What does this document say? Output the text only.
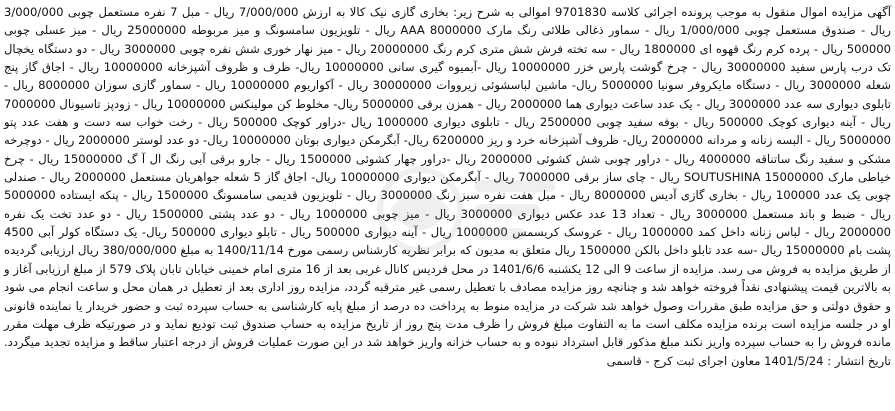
آگهی مزایده اموال منقول به موجب پرونده اجرائی کلاسه 9701830 اموالی به شرح زیر: بخاری گازی نیک کالا به ارزش 7/000/000 ریال - مبل 7 نفره مستعمل چوبی 3/000/000 ریال - صندوق مستعمل چوبی 1/000/000 ریال - سماور ذغالی طلائی رنگ مارک AAA 8000000 ریال - تلویزیون سامسونگ و میز مربوطه 25000000 ریال - میز عسلی چوبی 500000 ریال - پرده کرم رنگ قهوه ای 1800000 ریال - سه تخته فرش شش متری کرم رنگ 20000000 ریال - میز نهار خوری شش نفره چوبی 3000000 ریال - دو دستگاه یخچال تک درب پارس سفید 30000000 ریال - چرخ گوشت پارس خزر 10000000 ریال -آبمیوه گیری سانی 10000000 ریال- ظرف و ظروف آشپزخانه 10000000 ریال - اجاق گاز پنج شعله 3000000 ریال - دستگاه مایکروفر سونیا 5000000 ریال- ماشین لباسشوئی زیرووات 30000000 ریال - آکواریوم 10000000 ریال - سماور گازی سوزان 8000000 ریال - تابلوی دیواری سه عدد 3000000 ریال - یک عدد ساعت دیواری هما 2000000 ریال - همزن برقی 5000000 ریال- مخلوط کن مولینکس 10000000 ریال - زودپز تاسیونال 7000000 ریال - آینه دیواری کوچک 500000 ریال - بوفه سفید چوبی 2500000 ریال - تابلوی دیواری 1000000 ریال -دراور کوچک 500000 ریال - رخت خواب سه دست و هفت عدد پتو 5000000 ریال - البسه زنانه و مردانه 2000000 ریال- ظروف آشپزخانه خرد و ریز 6200000 ریال- آبگرمکن دیواری بوتان 10000000 ریال- دو عدد لوستر 2000000 ریال - دوچرخه مشکی و سفید رنگ ساتناقه 4000000 ریال - دراور چوبی شش کشوئی 2000000 ریال -دراور چهار کشوئی 1500000 ریال - جارو برقی آبی رنگ ال آ گ 15000000 ریال - چرخ خیاطی مارک SOUTUSHINA 15000000 ریال - چای ساز برقی 7000000 ریال - آبگرمکن دیواری 10000000 ریال- اجاق گاز 5 شعله جواهریان مستعمل 2000000 ریال - صندلی چوبی یک عدد 100000 ریال - بخاری گازی آدیس 8000000 ریال - مبل هفت نفره سبز رنگ 3000000 ریال - تلویزیون قدیمی سامسونگ 1500000 ریال - پنکه ایستاده 5000000 ریال - ضبط و باند مستعمل 3000000 ریال - تعداد 13 عدد عکس دیواری 3000000 ریال - میز چوبی 1000000 ریال - دو عدد پشتی 1500000 ریال - دو عدد تخت یک نفره 2000000 ریال - لباس زنانه داخل کمد 1000000 ریال - عروسک کریسمس 1000000 ریال - آینه دیواری 500000 ریال - تابلو دیواری 500000 ریال- یک دستگاه کولر آبی 4500 پشت بام 15000000 ریال -سه عدد تابلو داخل بالکن 1500000 ریال متعلق به مدیون که برابر نظریه کارشناس رسمی مورخ 1400/11/14 به مبلغ 380/000/000 ریال ارزیابی گردیده از طریق مزایده به فروش می رسد. مزایده از ساعت 9 الی 12 یکشنبه 1401/6/6 در محل فردیس کانال غربی بعد از 16 متری امام خمینی خیابان تابان پلاک 579 از مبلغ ارزیابی آغاز و به بالاترین قیمت پیشنهادی نقداً فروخته خواهد شد و چنانچه روز مزایده مصادف با تعطیل رسمی غیر مترقبه گردد، مزایده روز اداری بعد از تعطیل در همان محل و ساعت انجام می شود و حقوق دولتی و حق مزایده طبق مقررات وصول خواهد شد شرکت در مزایده منوط به پرداخت ده درصد از مبلغ پایه کارشناسی به حساب سپرده ثبت و حضور خریدار یا نماینده قانونی او در جلسه مزایده است برنده مزایده مکلف است ما به التفاوت مبلغ فروش را ظرف مدت پنج روز از تاریخ مزایده به حساب صندوق ثبت تودیع نماید و در صورتیکه ظرف مهلت مقرر مانده فروش را به حساب سپرده واریز نکند مبلغ مذکور قابل استرداد نبوده و به حساب خزانه واریز خواهد شد در این صورت عملیات فروش از درجه اعتبار ساقط و مزایده تجدید میگردد. تاریخ انتشار : 1401/5/24 معاون اجرای ثبت کرج - قاسمی
